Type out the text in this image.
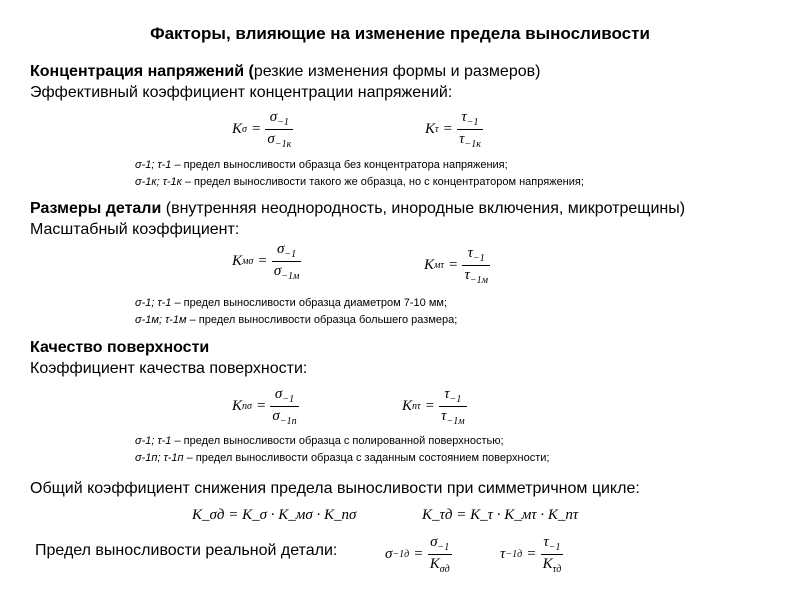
Факторы, влияющие на изменение предела выносливости
Концентрация напряжений (резкие изменения формы и размеров)
Эффективный коэффициент концентрации напряжений:
K $\sigma = \frac{\sigma_{-1}}{\sigma_{-1к}}$	K $\tau = \frac{\tau_{-1}}{\tau_{-1к}}$
σ-1; τ-1 – предел выносливости образца без концентратора напряжения;
σ-1к; τ-1к – предел выносливости такого же образца, но с концентратором напряжения;
Размеры детали (внутренняя неоднородность, инородные включения, микротрещины)
Масштабный коэффициент:
K $м\sigma = \frac{\sigma_{-1}}{\sigma_{-1м}}$	K $м\tau = \frac{\tau_{-1}}{\tau_{-1м}}$
σ-1; τ-1 – предел выносливости образца диаметром 7-10 мм;
σ-1м; τ-1м – предел выносливости образца большего размера;
Качество поверхности
Коэффициент качества поверхности:
K $п\sigma = \frac{\sigma_{-1}}{\sigma_{-1п}}$	K $п\tau = \frac{\tau_{-1}}{\tau_{-1м}}$
σ-1; τ-1 – предел выносливости образца с полированной поверхностью;
σ-1п; τ-1п – предел выносливости образца с заданным состоянием поверхности;
Общий коэффициент снижения предела выносливости при симметричном цикле:
K_σд = K_σ · K_мσ · K_пσ	K_τд = K_τ · K_мτ · K_пτ
Предел выносливости реальной детали:	$\sigma -1д = \frac{\sigma_{-1}}{K_{\sigma д}}$	$\tau -1д = \frac{\tau_{-1}}{K_{\tau д}}$
